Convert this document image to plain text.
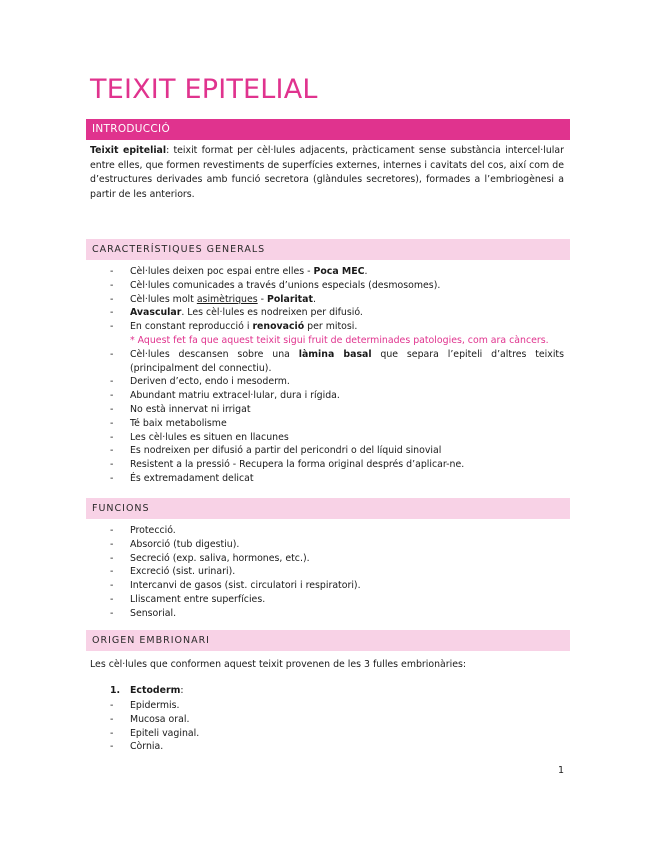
TEIXIT EPITELIAL
INTRODUCCIÓ

Teixit epitelial: teixit format per cèl·lules adjacents, pràcticament sense substància intercel·lular entre elles, que formen revestiments de superfícies externes, internes i cavitats del cos, així com de d’estructures derivades amb funció secretora (glàndules secretores), formades a l’embriogènesi a partir de les anteriors.

CARACTERÍSTIQUES GENERALS
- Cèl·lules deixen poc espai entre elles - Poca MEC.
- Cèl·lules comunicades a través d’unions especials (desmosomes).
- Cèl·lules molt asimètriques - Polaritat.
- Avascular. Les cèl·lules es nodreixen per difusió.
- En constant reproducció i renovació per mitosi.
* Aquest fet fa que aquest teixit sigui fruit de determinades patologies, com ara càncers.
- Cèl·lules descansen sobre una làmina basal que separa l’epiteli d’altres teixits (principalment del connectiu).
- Deriven d’ecto, endo i mesoderm.
- Abundant matriu extracel·lular, dura i rígida.
- No està innervat ni irrigat
- Té baix metabolisme
- Les cèl·lules es situen en llacunes
- Es nodreixen per difusió a partir del pericondri o del líquid sinovial
- Resistent a la pressió - Recupera la forma original després d’aplicar-ne.
- És extremadament delicat
FUNCIONS
- Protecció.
- Absorció (tub digestiu).
- Secreció (exp. saliva, hormones, etc.).
- Excreció (sist. urinari).
- Intercanvi de gasos (sist. circulatori i respiratori).
- Lliscament entre superfícies.
- Sensorial.
ORIGEN EMBRIONARI

Les cèl·lules que conformen aquest teixit provenen de les 3 fulles embrionàries:

1. Ectoderm:
- Epidermis.
- Mucosa oral.
- Epiteli vaginal.
- Còrnia.
1
